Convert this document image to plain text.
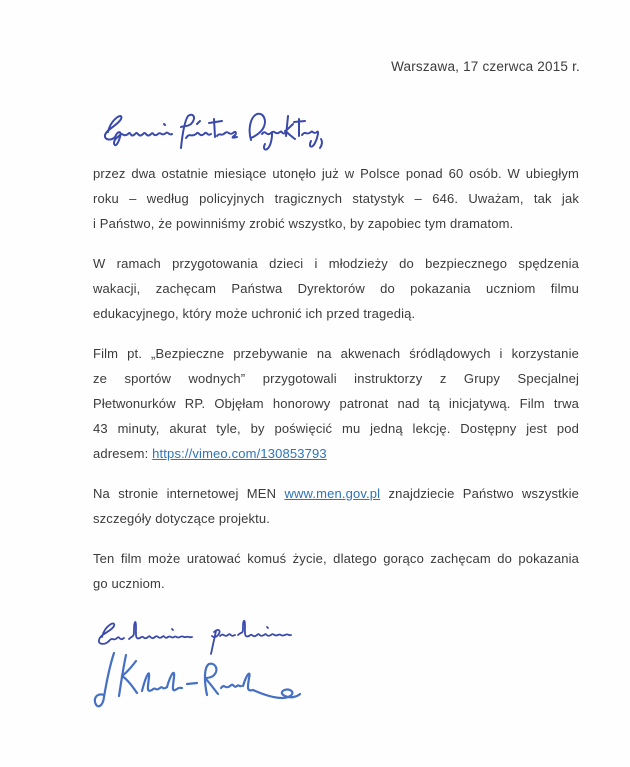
Warszawa, 17 czerwca 2015 r.
przez dwa ostatnie miesiące utonęło już w Polsce ponad 60 osób. W ubiegłym
roku – według policyjnych tragicznych statystyk – 646. Uważam, tak jak
i Państwo, że powinniśmy zrobić wszystko, by zapobiec tym dramatom.
W ramach przygotowania dzieci i młodzieży do bezpiecznego spędzenia
wakacji, zachęcam Państwa Dyrektorów do pokazania uczniom filmu
edukacyjnego, który może uchronić ich przed tragedią.
Film pt. „Bezpieczne przebywanie na akwenach śródlądowych i korzystanie
ze sportów wodnych” przygotowali instruktorzy z Grupy Specjalnej
Płetwonurków RP. Objęłam honorowy patronat nad tą inicjatywą. Film trwa
43 minuty, akurat tyle, by poświęcić mu jedną lekcję. Dostępny jest pod
adresem: https://vimeo.com/130853793
Na stronie internetowej MEN www.men.gov.pl znajdziecie Państwo wszystkie
szczegóły dotyczące projektu.
Ten film może uratować komuś życie, dlatego gorąco zachęcam do pokazania
go uczniom.
